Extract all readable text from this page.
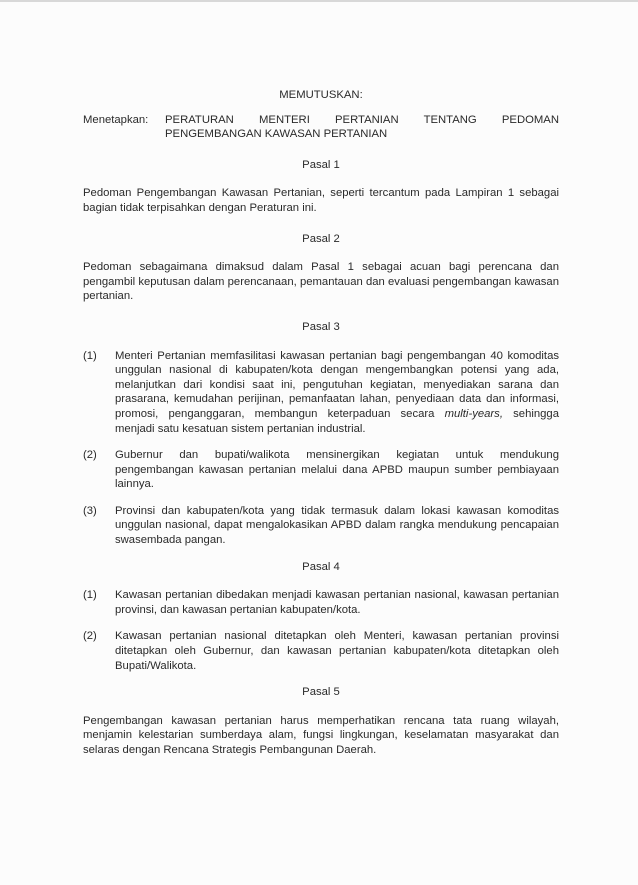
MEMUTUSKAN:
Menetapkan:	PERATURAN MENTERI PERTANIAN TENTANG PEDOMAN PENGEMBANGAN KAWASAN PERTANIAN
Pasal 1

Pedoman Pengembangan Kawasan Pertanian, seperti tercantum pada Lampiran 1 sebagai bagian tidak terpisahkan dengan Peraturan ini.

Pasal 2

Pedoman sebagaimana dimaksud dalam Pasal 1 sebagai acuan bagi perencana dan pengambil keputusan dalam perencanaan, pemantauan dan evaluasi pengembangan kawasan pertanian.

Pasal 3
(1)	Menteri Pertanian memfasilitasi kawasan pertanian bagi pengembangan 40 komoditas unggulan nasional di kabupaten/kota dengan mengembangkan potensi yang ada, melanjutkan dari kondisi saat ini, pengutuhan kegiatan, menyediakan sarana dan prasarana, kemudahan perijinan, pemanfaatan lahan, penyediaan data dan informasi, promosi, penganggaran, membangun keterpaduan secara multi-years, sehingga menjadi satu kesatuan sistem pertanian industrial.
(2)	Gubernur dan bupati/walikota mensinergikan kegiatan untuk mendukung pengembangan kawasan pertanian melalui dana APBD maupun sumber pembiayaan lainnya.
(3)	Provinsi dan kabupaten/kota yang tidak termasuk dalam lokasi kawasan komoditas unggulan nasional, dapat mengalokasikan APBD dalam rangka mendukung pencapaian swasembada pangan.
Pasal 4
(1)	Kawasan pertanian dibedakan menjadi kawasan pertanian nasional, kawasan pertanian provinsi, dan kawasan pertanian kabupaten/kota.
(2)	Kawasan pertanian nasional ditetapkan oleh Menteri, kawasan pertanian provinsi ditetapkan oleh Gubernur, dan kawasan pertanian kabupaten/kota ditetapkan oleh Bupati/Walikota.
Pasal 5

Pengembangan kawasan pertanian harus memperhatikan rencana tata ruang wilayah, menjamin kelestarian sumberdaya alam, fungsi lingkungan, keselamatan masyarakat dan selaras dengan Rencana Strategis Pembangunan Daerah.
